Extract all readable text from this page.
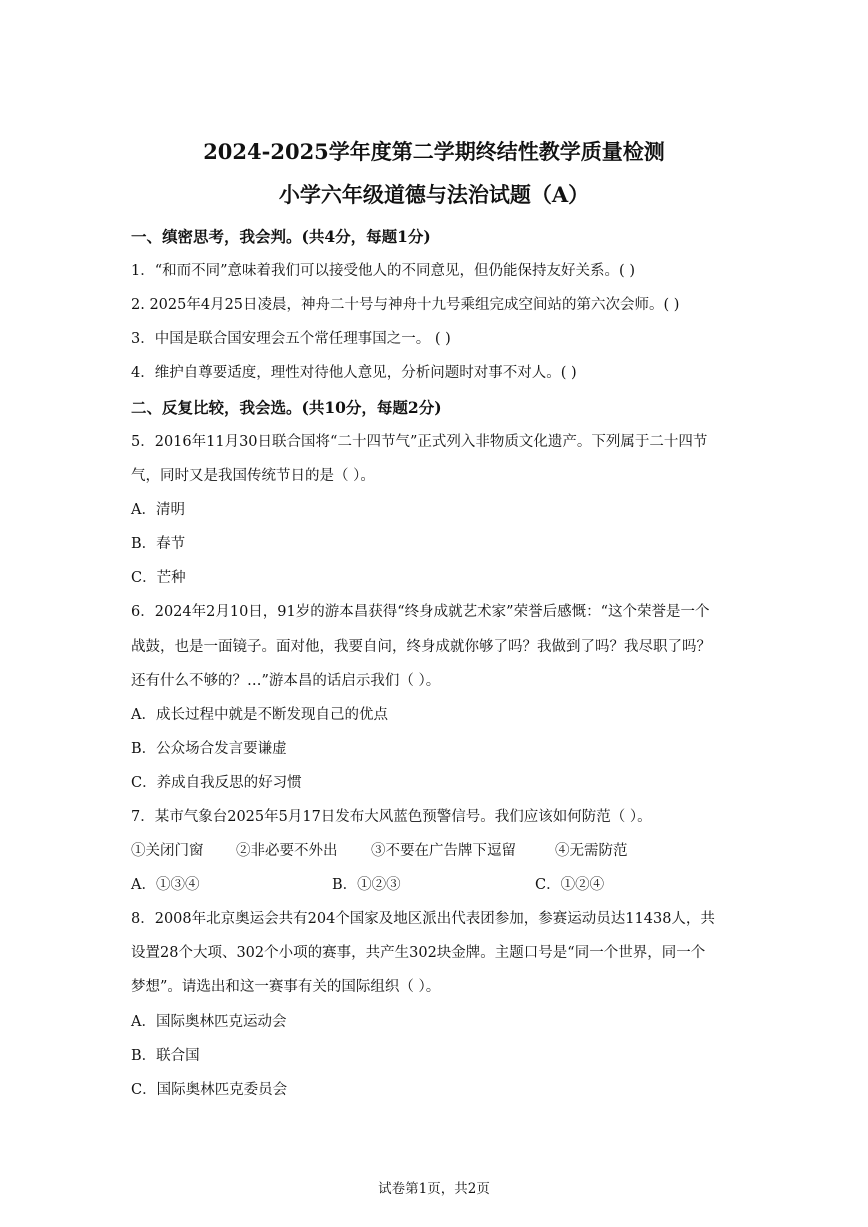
2024-2025学年度第二学期终结性教学质量检测
小学六年级道德与法治试题（A）
一、缜密思考，我会判。(共4分，每题1分)
1．“和而不同”意味着我们可以接受他人的不同意见，但仍能保持友好关系。( )
2. 2025年4月25日凌晨，神舟二十号与神舟十九号乘组完成空间站的第六次会师。( )
3．中国是联合国安理会五个常任理事国之一。 ( )
4．维护自尊要适度，理性对待他人意见，分析问题时对事不对人。( )
二、反复比较，我会选。(共10分，每题2分)
5．2016年11月30日联合国将“二十四节气”正式列入非物质文化遗产。下列属于二十四节
气，同时又是我国传统节日的是（ ）。
A．清明
B．春节
C．芒种
6．2024年2月10日，91岁的游本昌获得“终身成就艺术家”荣誉后感慨：“这个荣誉是一个
战鼓，也是一面镜子。面对他，我要自问，终身成就你够了吗？我做到了吗？我尽职了吗？
还有什么不够的？…”游本昌的话启示我们（ ）。
A．成长过程中就是不断发现自己的优点
B．公众场合发言要谦虚
C．养成自我反思的好习惯
7．某市气象台2025年5月17日发布大风蓝色预警信号。我们应该如何防范（ ）。
①关闭门窗 ②非必要不外出 ③不要在广告牌下逗留	④无需防范
A．①③④	B．①②③	C．①②④
8．2008年北京奥运会共有204个国家及地区派出代表团参加，参赛运动员达11438人，共
设置28个大项、302个小项的赛事，共产生302块金牌。主题口号是“同一个世界，同一个
梦想”。请选出和这一赛事有关的国际组织（ ）。
A．国际奥林匹克运动会
B．联合国
C．国际奥林匹克委员会
试卷第1页，共2页
